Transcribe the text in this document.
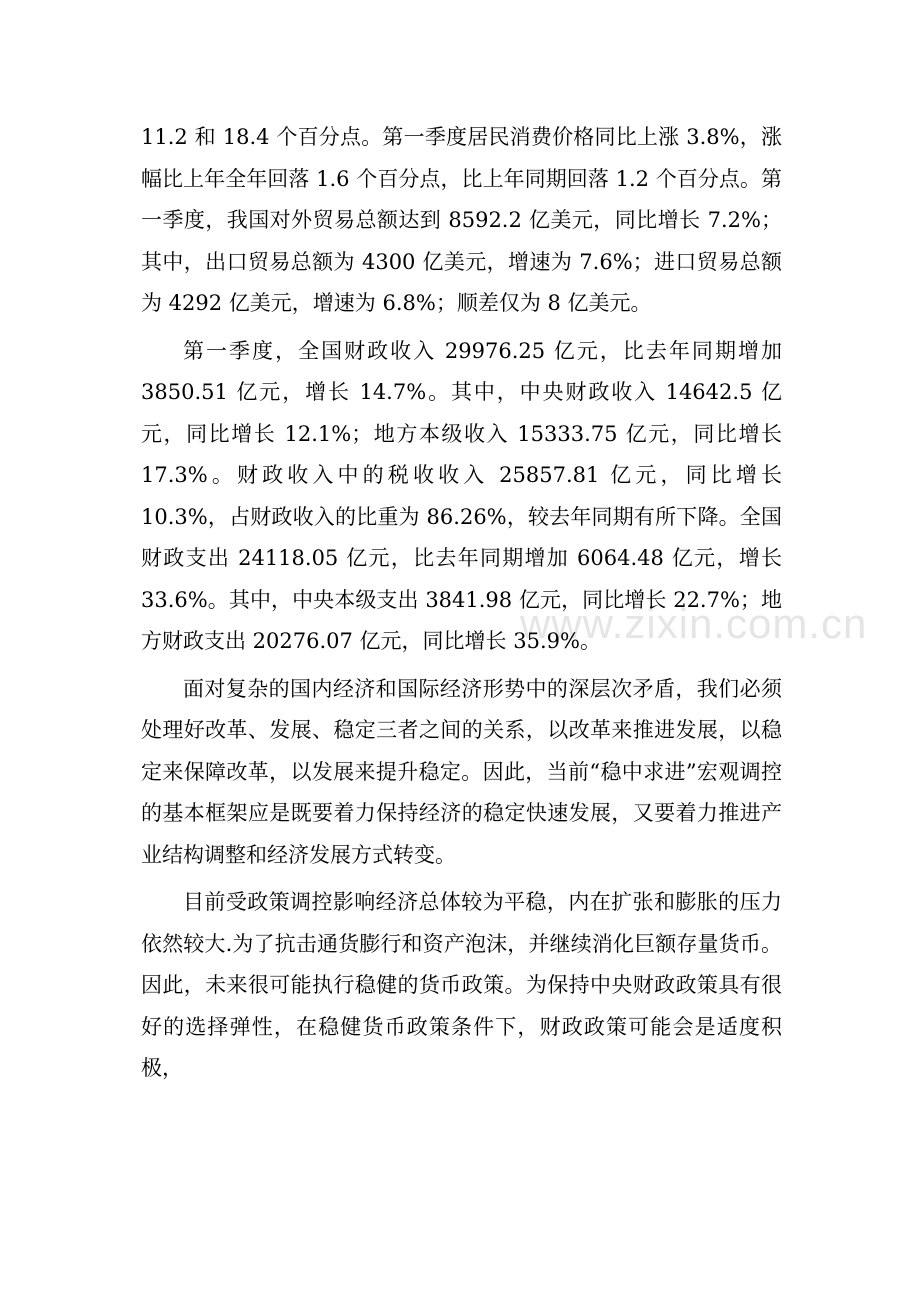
www.zixin.com.cn

11.2 和 18.4 个百分点。第一季度居民消费价格同比上涨 3.8%，涨幅比上年全年回落 1.6 个百分点，比上年同期回落 1.2 个百分点。第一季度，我国对外贸易总额达到 8592.2 亿美元，同比增长 7.2%；其中，出口贸易总额为 4300 亿美元，增速为 7.6%；进口贸易总额为 4292 亿美元，增速为 6.8%；顺差仅为 8 亿美元。

第一季度，全国财政收入 29976.25 亿元，比去年同期增加 3850.51 亿元，增长 14.7%。其中，中央财政收入 14642.5 亿元，同比增长 12.1%；地方本级收入 15333.75 亿元，同比增长 17.3%。财政收入中的税收收入 25857.81 亿元，同比增长 10.3%，占财政收入的比重为 86.26%，较去年同期有所下降。全国财政支出 24118.05 亿元，比去年同期增加 6064.48 亿元，增长 33.6%。其中，中央本级支出 3841.98 亿元，同比增长 22.7%；地方财政支出 20276.07 亿元，同比增长 35.9%。

面对复杂的国内经济和国际经济形势中的深层次矛盾，我们必须处理好改革、发展、稳定三者之间的关系，以改革来推进发展，以稳定来保障改革，以发展来提升稳定。因此，当前“稳中求进”宏观调控的基本框架应是既要着力保持经济的稳定快速发展，又要着力推进产业结构调整和经济发展方式转变。

目前受政策调控影响经济总体较为平稳，内在扩张和膨胀的压力依然较大.为了抗击通货膨行和资产泡沫，并继续消化巨额存量货币。因此，未来很可能执行稳健的货币政策。为保持中央财政政策具有很好的选择弹性，在稳健货币政策条件下，财政政策可能会是适度积极，
